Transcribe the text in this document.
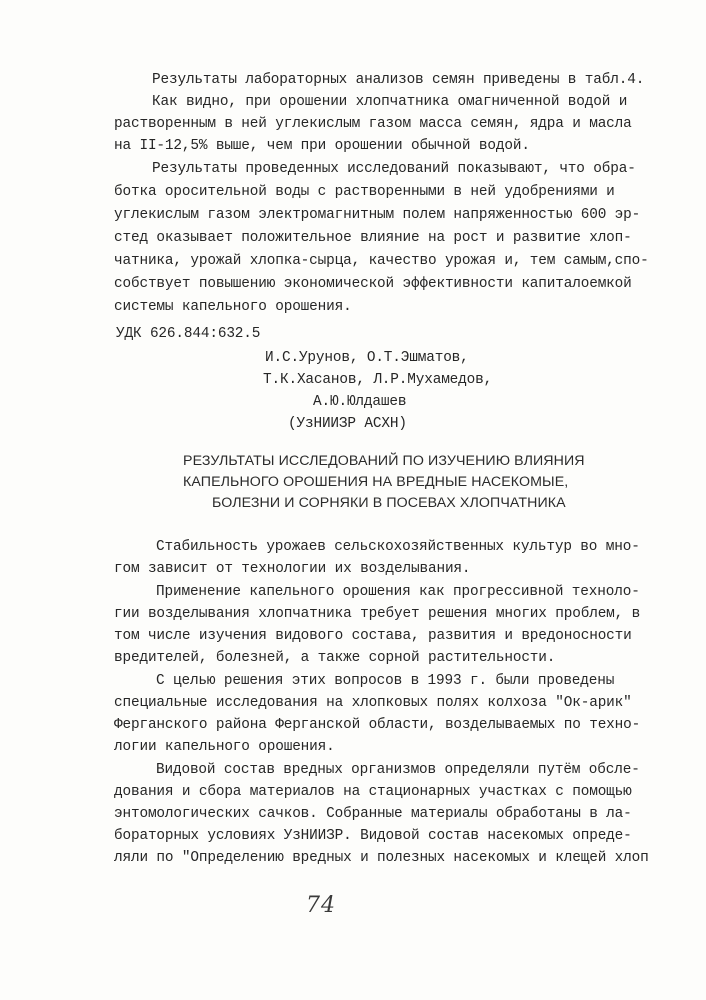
Результаты лабораторных анализов семян приведены в табл.4.
Как видно, при орошении хлопчатника омагниченной водой и
растворенным в ней углекислым газом масса семян, ядра и масла
на II-12,5% выше, чем при орошении обычной водой.
Результаты проведенных исследований показывают, что обра-
ботка оросительной воды с растворенными в ней удобрениями и
углекислым газом электромагнитным полем напряженностью 600 эр-
стед оказывает положительное влияние на рост и развитие хлоп-
чатника, урожай хлопка-сырца, качество урожая и, тем самым,спо-
собствует повышению экономической эффективности капиталоемкой
системы капельного орошения.
УДК 626.844:632.5
И.С.Урунов, О.Т.Эшматов,
Т.К.Хасанов, Л.Р.Мухамедов,
А.Ю.Юлдашев
(УзНИИЗР АСХН)
РЕЗУЛЬТАТЫ ИССЛЕДОВАНИЙ ПО ИЗУЧЕНИЮ ВЛИЯНИЯ
КАПЕЛЬНОГО ОРОШЕНИЯ НА ВРЕДНЫЕ НАСЕКОМЫЕ,
БОЛЕЗНИ И СОРНЯКИ В ПОСЕВАХ ХЛОПЧАТНИКА
Стабильность урожаев сельскохозяйственных культур во мно-
гом зависит от технологии их возделывания.
Применение капельного орошения как прогрессивной техноло-
гии возделывания хлопчатника требует решения многих проблем, в
том числе изучения видового состава, развития и вредоносности
вредителей, болезней, а также сорной растительности.
С целью решения этих вопросов в 1993 г. были проведены
специальные исследования на хлопковых полях колхоза "Ок-арик"
Ферганского района Ферганской области, возделываемых по техно-
логии капельного орошения.
Видовой состав вредных организмов определяли путём обсле-
дования и сбора материалов на стационарных участках с помощью
энтомологических сачков. Собранные материалы обработаны в ла-
бораторных условиях УзНИИЗР. Видовой состав насекомых опреде-
ляли по "Определению вредных и полезных насекомых и клещей хлоп
74
